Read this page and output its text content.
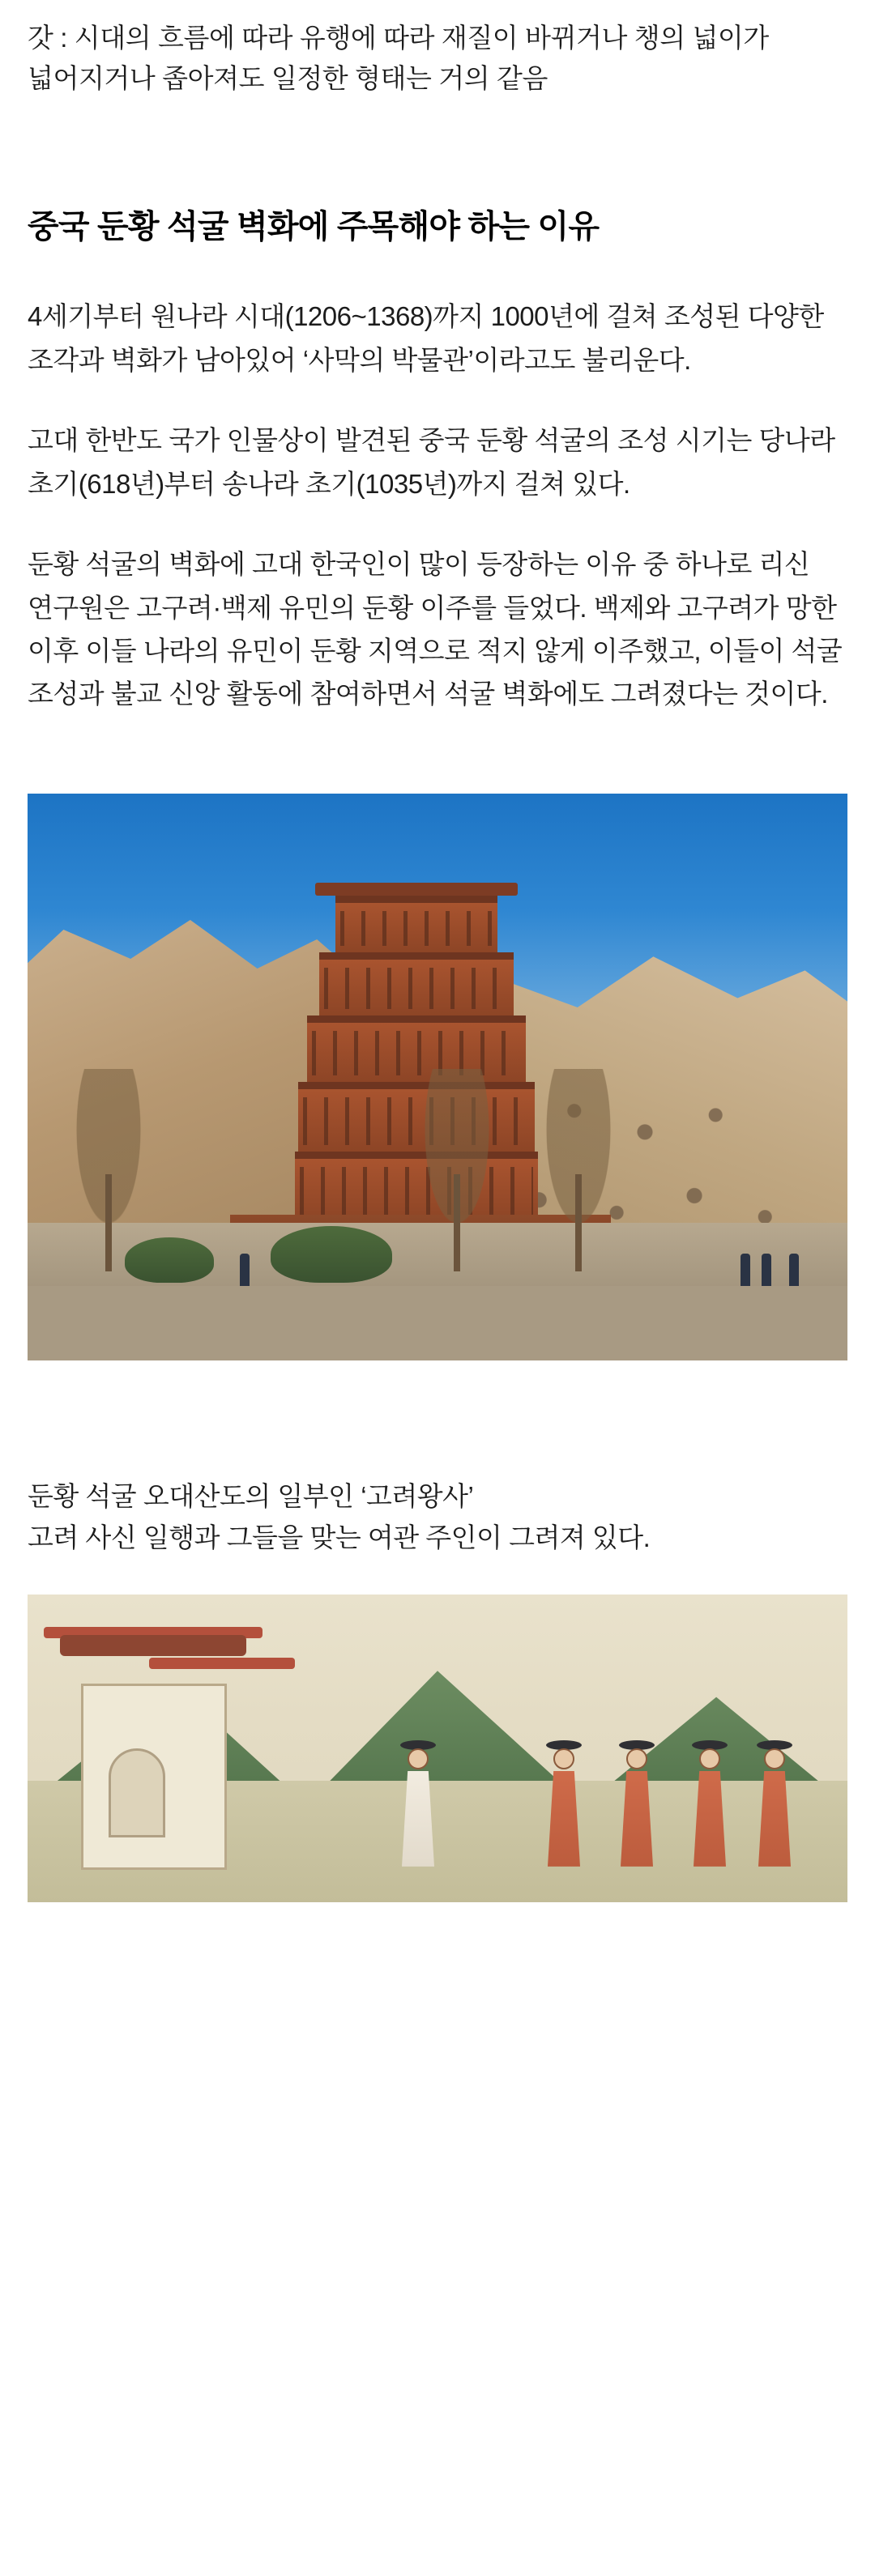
갓 : 시대의 흐름에 따라 유행에 따라 재질이 바뀌거나 챙의 넓이가 넓어지거나 좁아져도 일정한 형태는 거의 같음

중국 둔황 석굴 벽화에 주목해야 하는 이유

4세기부터 원나라 시대(1206~1368)까지 1000년에 걸쳐 조성된 다양한 조각과 벽화가 남아있어 ‘사막의 박물관’이라고도 불리운다.

고대 한반도 국가 인물상이 발견된 중국 둔황 석굴의 조성 시기는 당나라 초기(618년)부터 송나라 초기(1035년)까지 걸쳐 있다.

둔황 석굴의 벽화에 고대 한국인이 많이 등장하는 이유 중 하나로 리신 연구원은 고구려·백제 유민의 둔황 이주를 들었다. 백제와 고구려가 망한 이후 이들 나라의 유민이 둔황 지역으로 적지 않게 이주했고, 이들이 석굴 조성과 불교 신앙 활동에 참여하면서 석굴 벽화에도 그려졌다는 것이다.

둔황 석굴 오대산도의 일부인 ‘고려왕사’
고려 사신 일행과 그들을 맞는 여관 주인이 그려져 있다.
